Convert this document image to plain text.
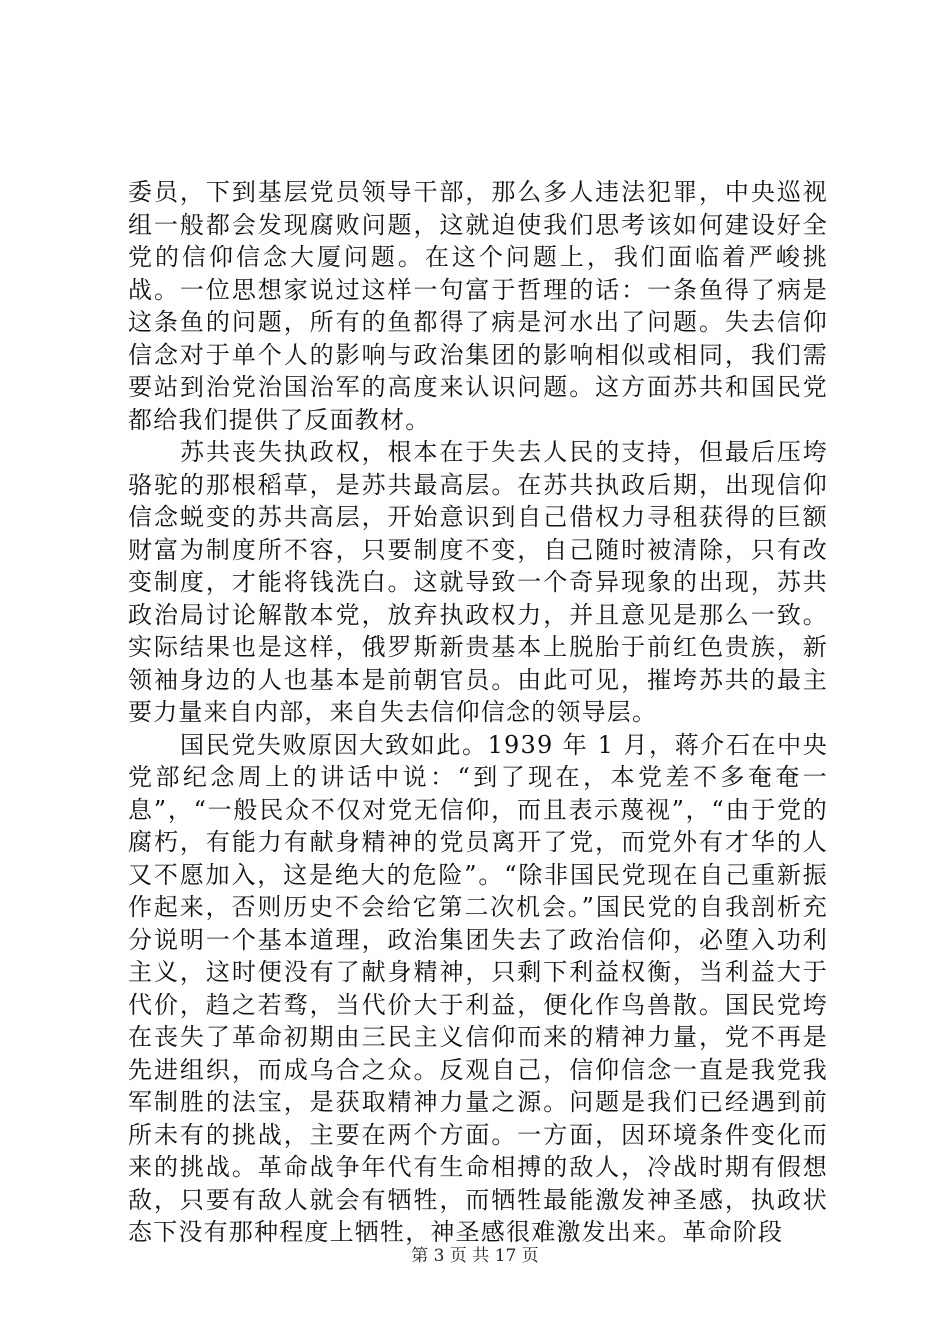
委员，下到基层党员领导干部，那么多人违法犯罪，中央巡视组一般都会发现腐败问题，这就迫使我们思考该如何建设好全党的信仰信念大厦问题。在这个问题上，我们面临着严峻挑战。一位思想家说过这样一句富于哲理的话：一条鱼得了病是这条鱼的问题，所有的鱼都得了病是河水出了问题。失去信仰信念对于单个人的影响与政治集团的影响相似或相同，我们需要站到治党治国治军的高度来认识问题。这方面苏共和国民党都给我们提供了反面教材。

苏共丧失执政权，根本在于失去人民的支持，但最后压垮骆驼的那根稻草，是苏共最高层。在苏共执政后期，出现信仰信念蜕变的苏共高层，开始意识到自己借权力寻租获得的巨额财富为制度所不容，只要制度不变，自己随时被清除，只有改变制度，才能将钱洗白。这就导致一个奇异现象的出现，苏共政治局讨论解散本党，放弃执政权力，并且意见是那么一致。实际结果也是这样，俄罗斯新贵基本上脱胎于前红色贵族，新领袖身边的人也基本是前朝官员。由此可见，摧垮苏共的最主要力量来自内部，来自失去信仰信念的领导层。

国民党失败原因大致如此。1939 年 1 月，蒋介石在中央党部纪念周上的讲话中说：“到了现在，本党差不多奄奄一息”，“一般民众不仅对党无信仰，而且表示蔑视”，“由于党的腐朽，有能力有献身精神的党员离开了党，而党外有才华的人又不愿加入，这是绝大的危险”。“除非国民党现在自己重新振作起来，否则历史不会给它第二次机会。”国民党的自我剖析充分说明一个基本道理，政治集团失去了政治信仰，必堕入功利主义，这时便没有了献身精神，只剩下利益权衡，当利益大于代价，趋之若骛，当代价大于利益，便化作鸟兽散。国民党垮在丧失了革命初期由三民主义信仰而来的精神力量，党不再是先进组织，而成乌合之众。反观自己，信仰信念一直是我党我军制胜的法宝，是获取精神力量之源。问题是我们已经遇到前所未有的挑战，主要在两个方面。一方面，因环境条件变化而来的挑战。革命战争年代有生命相搏的敌人，冷战时期有假想敌，只要有敌人就会有牺牲，而牺牲最能激发神圣感，执政状态下没有那种程度上牺牲，神圣感很难激发出来。革命阶段

第 3 页 共 17 页
